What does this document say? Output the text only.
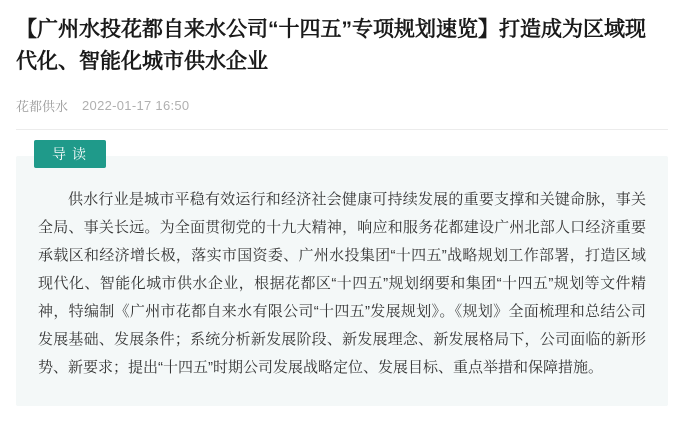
【广州水投花都自来水公司“十四五”专项规划速览】打造成为区域现代化、智能化城市供水企业
花都供水 2022-01-17 16:50
导读

供水行业是城市平稳有效运行和经济社会健康可持续发展的重要支撑和关键命脉，事关全局、事关长远。为全面贯彻党的十九大精神，响应和服务花都建设广州北部人口经济重要承载区和经济增长极，落实市国资委、广州水投集团“十四五”战略规划工作部署，打造区域现代化、智能化城市供水企业，根据花都区“十四五”规划纲要和集团“十四五”规划等文件精神，特编制《广州市花都自来水有限公司“十四五”发展规划》。《规划》全面梳理和总结公司发展基础、发展条件；系统分析新发展阶段、新发展理念、新发展格局下，公司面临的新形势、新要求；提出“十四五”时期公司发展战略定位、发展目标、重点举措和保障措施。
